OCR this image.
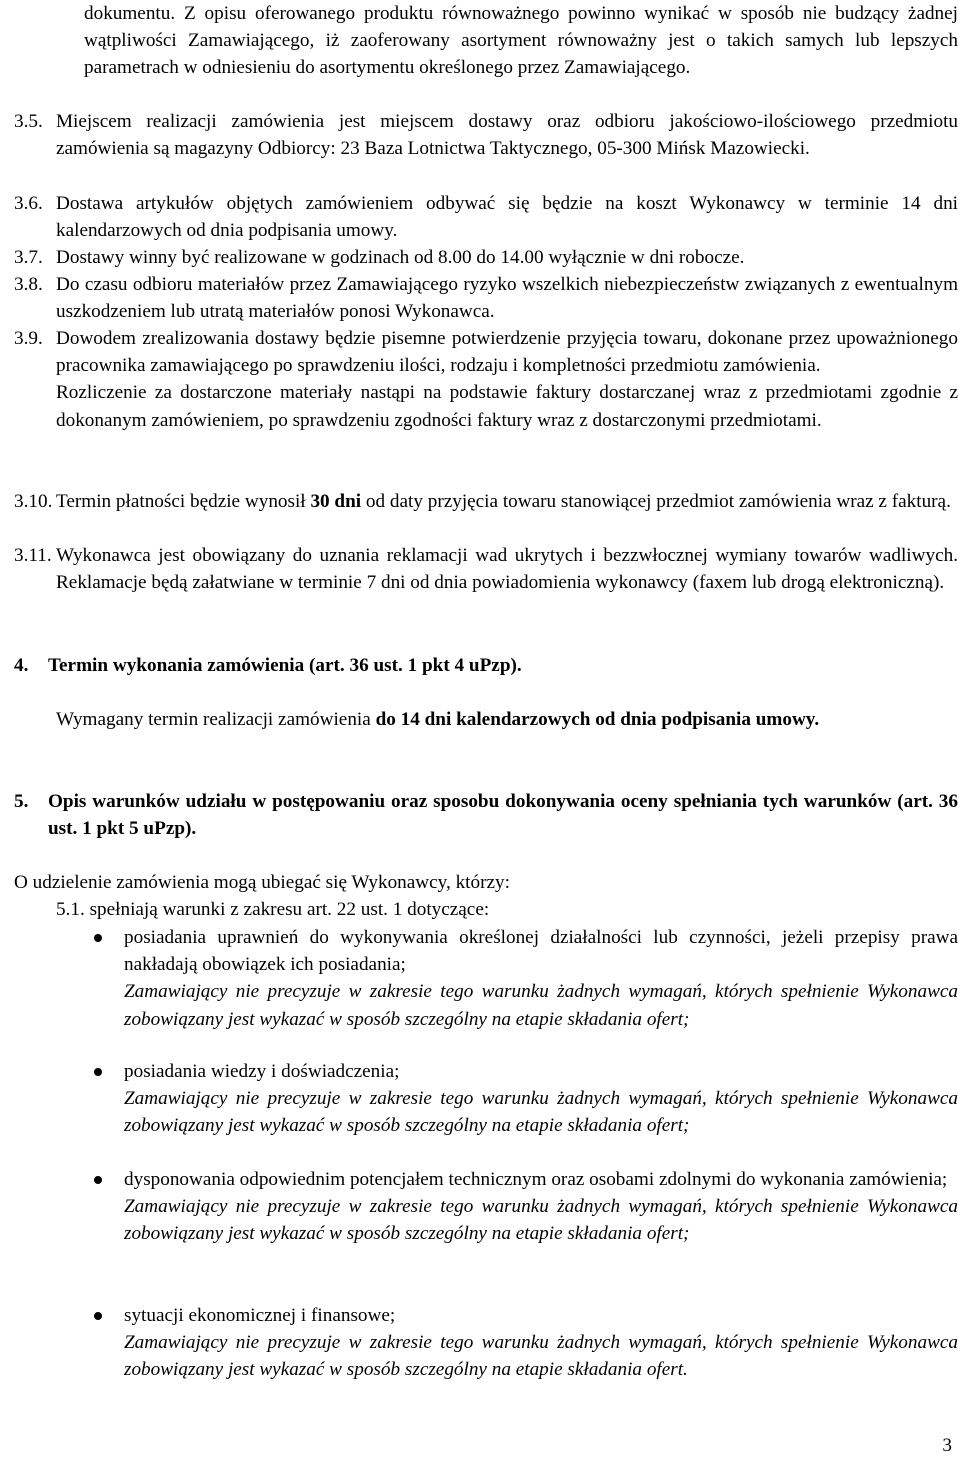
dokumentu. Z opisu oferowanego produktu równoważnego powinno wynikać w sposób nie budzący żadnej wątpliwości Zamawiającego, iż zaoferowany asortyment równoważny jest o takich samych lub lepszych parametrach w odniesieniu do asortymentu określonego przez Zamawiającego.

3.5. Miejscem realizacji zamówienia jest miejscem dostawy oraz odbioru jakościowo-ilościowego przedmiotu zamówienia są magazyny Odbiorcy: 23 Baza Lotnictwa Taktycznego, 05-300 Mińsk Mazowiecki.

3.6. Dostawa artykułów objętych zamówieniem odbywać się będzie na koszt Wykonawcy w terminie 14 dni kalendarzowych od dnia podpisania umowy.

3.7. Dostawy winny być realizowane w godzinach od 8.00 do 14.00 wyłącznie w dni robocze.

3.8. Do czasu odbioru materiałów przez Zamawiającego ryzyko wszelkich niebezpieczeństw związanych z ewentualnym uszkodzeniem lub utratą materiałów ponosi Wykonawca.

3.9. Dowodem zrealizowania dostawy będzie pisemne potwierdzenie przyjęcia towaru, dokonane przez upoważnionego pracownika zamawiającego po sprawdzeniu ilości, rodzaju i kompletności przedmiotu zamówienia.

Rozliczenie za dostarczone materiały nastąpi na podstawie faktury dostarczanej wraz z przedmiotami zgodnie z dokonanym zamówieniem, po sprawdzeniu zgodności faktury wraz z dostarczonymi przedmiotami.

3.10. Termin płatności będzie wynosił 30 dni od daty przyjęcia towaru stanowiącej przedmiot zamówienia wraz z fakturą.

3.11. Wykonawca jest obowiązany do uznania reklamacji wad ukrytych i bezzwłocznej wymiany towarów wadliwych. Reklamacje będą załatwiane w terminie 7 dni od dnia powiadomienia wykonawcy (faxem lub drogą elektroniczną).

4. Termin wykonania zamówienia (art. 36 ust. 1 pkt 4 uPzp).

Wymagany termin realizacji zamówienia do 14 dni kalendarzowych od dnia podpisania umowy.

5. Opis warunków udziału w postępowaniu oraz sposobu dokonywania oceny spełniania tych warunków (art. 36 ust. 1 pkt 5 uPzp).

O udzielenie zamówienia mogą ubiegać się Wykonawcy, którzy:

5.1. spełniają warunki z zakresu art. 22 ust. 1 dotyczące:

posiadania uprawnień do wykonywania określonej działalności lub czynności, jeżeli przepisy prawa nakładają obowiązek ich posiadania;

Zamawiający nie precyzuje w zakresie tego warunku żadnych wymagań, których spełnienie Wykonawca zobowiązany jest wykazać w sposób szczególny na etapie składania ofert;

posiadania wiedzy i doświadczenia;

Zamawiający nie precyzuje w zakresie tego warunku żadnych wymagań, których spełnienie Wykonawca zobowiązany jest wykazać w sposób szczególny na etapie składania ofert;

dysponowania odpowiednim potencjałem technicznym oraz osobami zdolnymi do wykonania zamówienia;

Zamawiający nie precyzuje w zakresie tego warunku żadnych wymagań, których spełnienie Wykonawca zobowiązany jest wykazać w sposób szczególny na etapie składania ofert;

sytuacji ekonomicznej i finansowe;

Zamawiający nie precyzuje w zakresie tego warunku żadnych wymagań, których spełnienie Wykonawca zobowiązany jest wykazać w sposób szczególny na etapie składania ofert.

3
